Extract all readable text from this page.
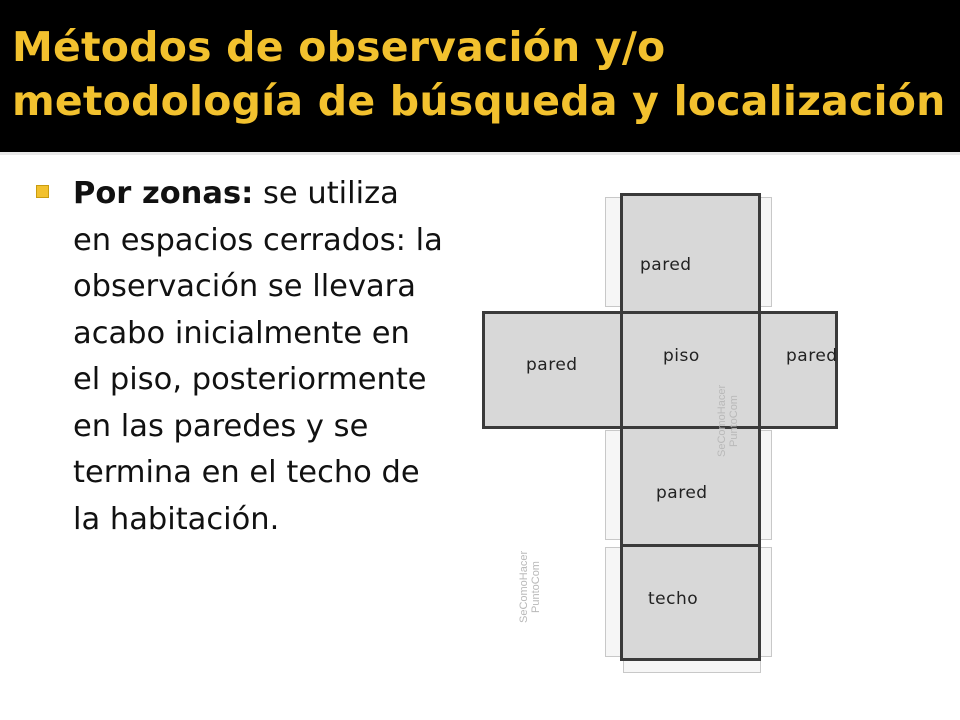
Métodos de observación y/o metodología de búsqueda y localización
Por zonas: se utiliza en espacios cerrados: la observación se llevara acabo inicialmente en el piso, posteriormente en las paredes y se termina en el techo de la habitación.
pared
pared	piso	pared
pared
techo
SeComoHacer PuntoCom
SeComoHacer PuntoCom
